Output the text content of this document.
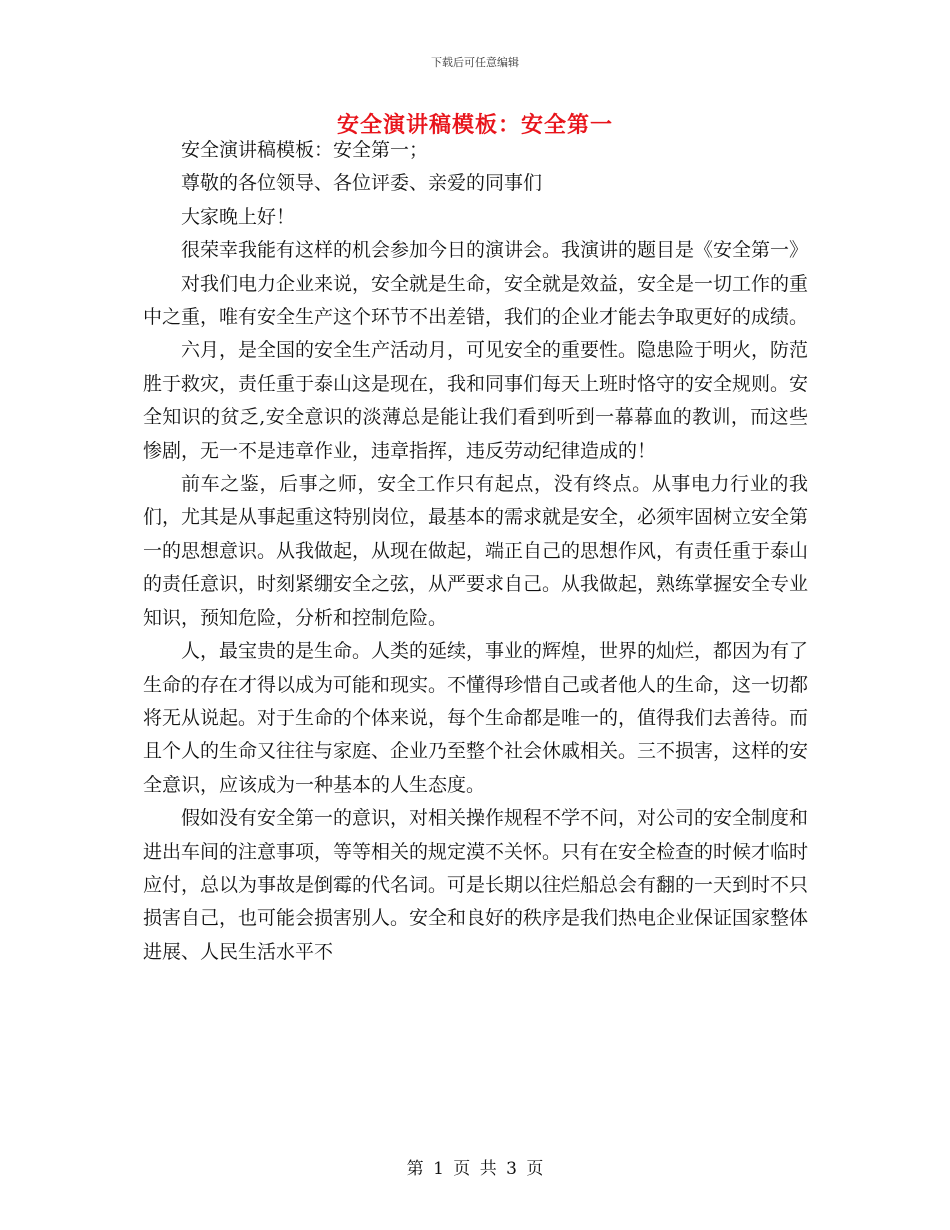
下载后可任意编辑
安全演讲稿模板：安全第一

安全演讲稿模板：安全第一；

尊敬的各位领导、各位评委、亲爱的同事们

大家晚上好！

很荣幸我能有这样的机会参加今日的演讲会。我演讲的题目是《安全第一》

对我们电力企业来说，安全就是生命，安全就是效益，安全是一切工作的重中之重，唯有安全生产这个环节不出差错，我们的企业才能去争取更好的成绩。

六月，是全国的安全生产活动月，可见安全的重要性。隐患险于明火，防范胜于救灾，责任重于泰山这是现在，我和同事们每天上班时恪守的安全规则。安全知识的贫乏,安全意识的淡薄总是能让我们看到听到一幕幕血的教训，而这些惨剧，无一不是违章作业，违章指挥，违反劳动纪律造成的！

前车之鉴，后事之师，安全工作只有起点，没有终点。从事电力行业的我们，尤其是从事起重这特别岗位，最基本的需求就是安全，必须牢固树立安全第一的思想意识。从我做起，从现在做起，端正自己的思想作风，有责任重于泰山的责任意识，时刻紧绷安全之弦，从严要求自己。从我做起，熟练掌握安全专业知识，预知危险，分析和控制危险。

人，最宝贵的是生命。人类的延续，事业的辉煌，世界的灿烂，都因为有了生命的存在才得以成为可能和现实。不懂得珍惜自己或者他人的生命，这一切都将无从说起。对于生命的个体来说，每个生命都是唯一的，值得我们去善待。而且个人的生命又往往与家庭、企业乃至整个社会休戚相关。三不损害，这样的安全意识，应该成为一种基本的人生态度。

假如没有安全第一的意识，对相关操作规程不学不问，对公司的安全制度和进出车间的注意事项，等等相关的规定漠不关怀。只有在安全检查的时候才临时应付，总以为事故是倒霉的代名词。可是长期以往烂船总会有翻的一天到时不只损害自己，也可能会损害别人。安全和良好的秩序是我们热电企业保证国家整体进展、人民生活水平不

第 1 页 共 3 页
